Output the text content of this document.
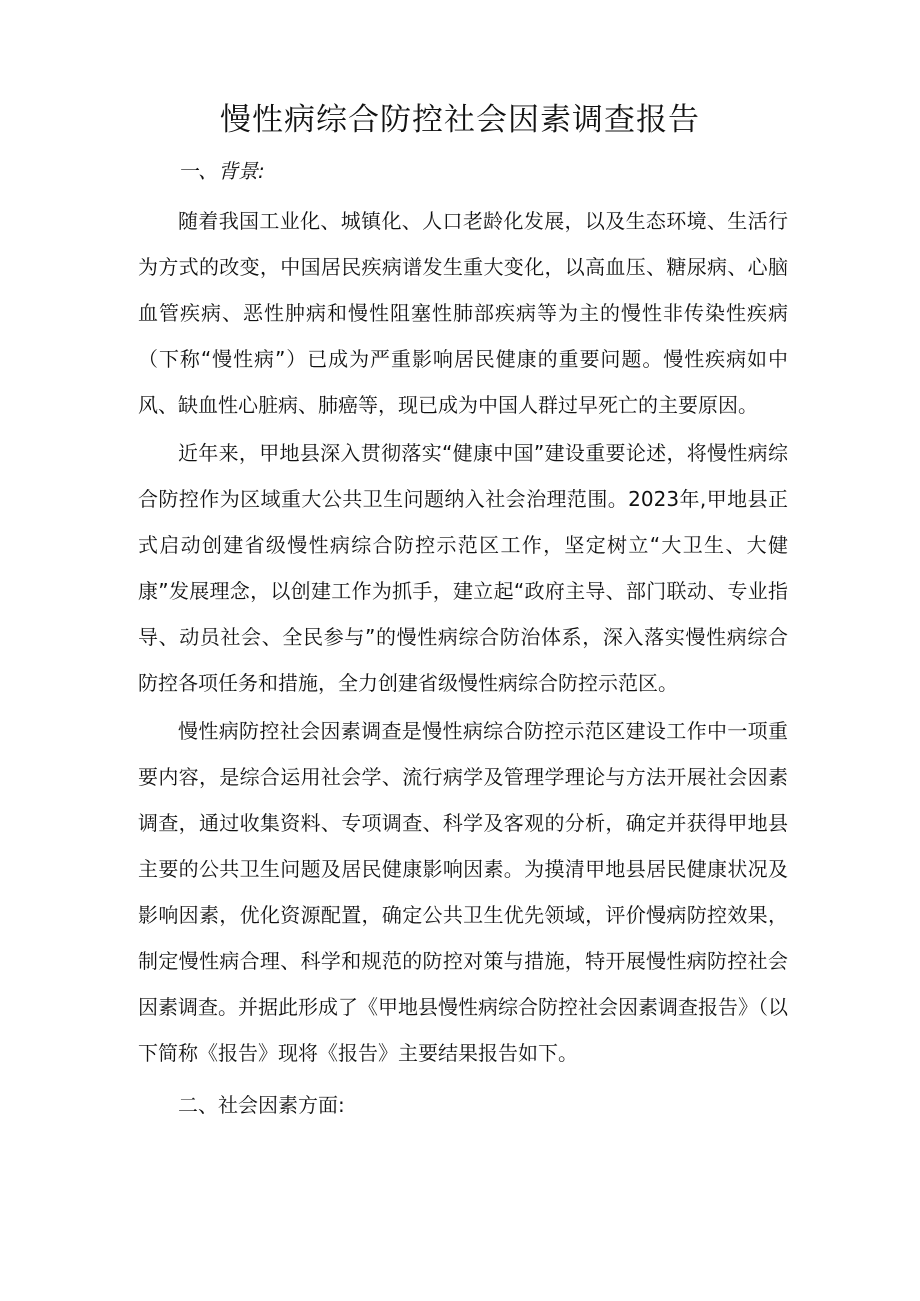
慢性病综合防控社会因素调查报告
一、背景:

随着我国工业化、城镇化、人口老龄化发展，以及生态环境、生活行为方式的改变，中国居民疾病谱发生重大变化，以高血压、糖尿病、心脑血管疾病、恶性肿病和慢性阻塞性肺部疾病等为主的慢性非传染性疾病（下称“慢性病”）已成为严重影响居民健康的重要问题。慢性疾病如中风、缺血性心脏病、肺癌等，现已成为中国人群过早死亡的主要原因。

近年来，甲地县深入贯彻落实“健康中国”建设重要论述，将慢性病综合防控作为区域重大公共卫生问题纳入社会治理范围。2023年,甲地县正式启动创建省级慢性病综合防控示范区工作，坚定树立“大卫生、大健康”发展理念，以创建工作为抓手，建立起“政府主导、部门联动、专业指导、动员社会、全民参与”的慢性病综合防治体系，深入落实慢性病综合防控各项任务和措施，全力创建省级慢性病综合防控示范区。

慢性病防控社会因素调查是慢性病综合防控示范区建设工作中一项重要内容，是综合运用社会学、流行病学及管理学理论与方法开展社会因素调查，通过收集资料、专项调查、科学及客观的分析，确定并获得甲地县主要的公共卫生问题及居民健康影响因素。为摸清甲地县居民健康状况及影响因素，优化资源配置，确定公共卫生优先领域，评价慢病防控效果，制定慢性病合理、科学和规范的防控对策与措施，特开展慢性病防控社会因素调查。并据此形成了《甲地县慢性病综合防控社会因素调查报告》（以下简称《报告》现将《报告》主要结果报告如下。

二、社会因素方面:
